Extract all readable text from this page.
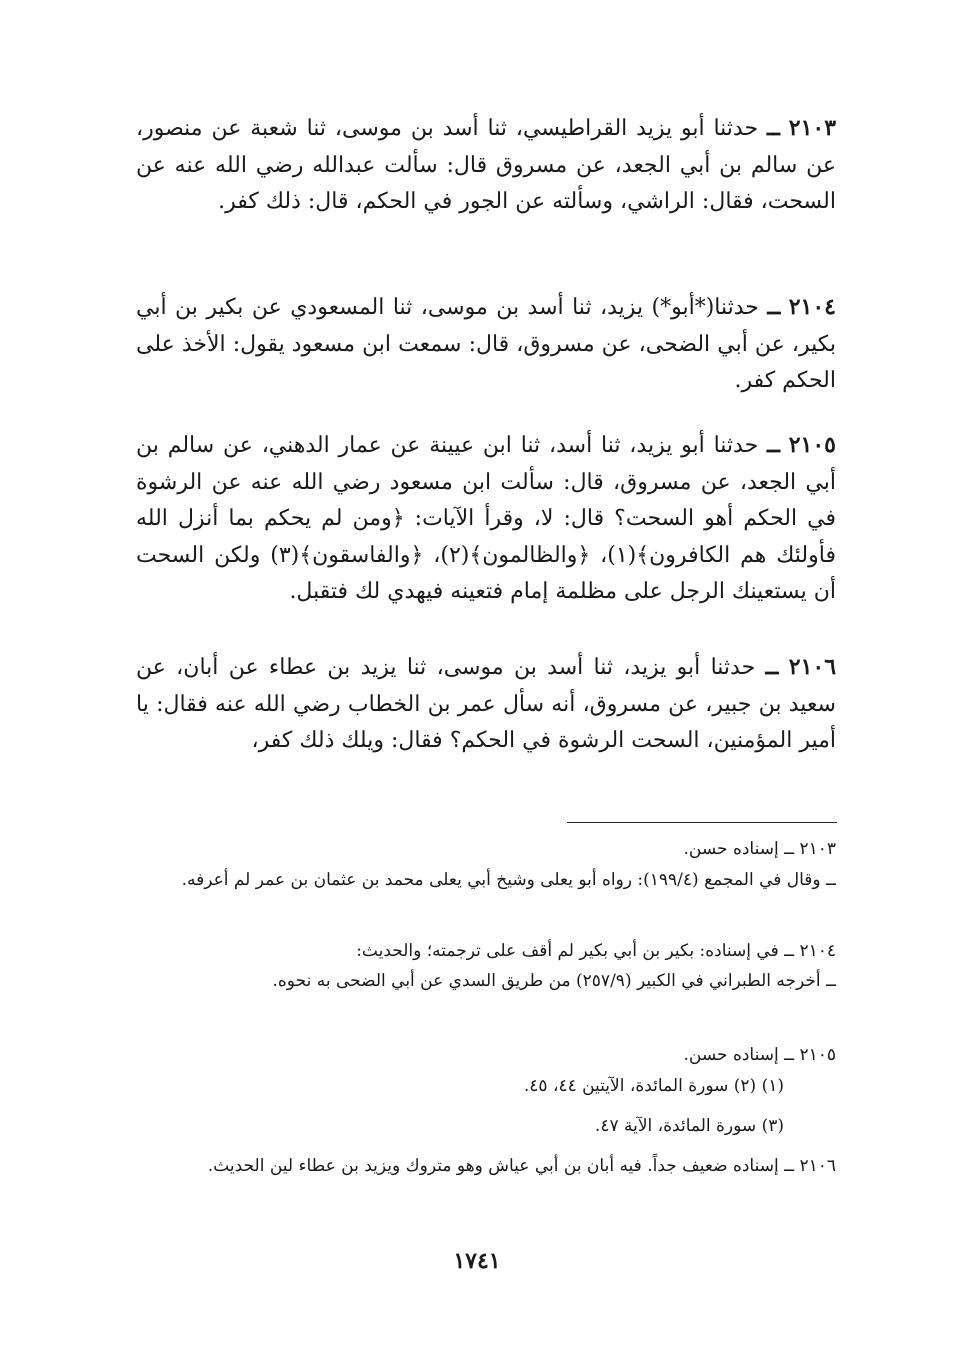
٢١٠٣ ــ حدثنا أبو يزيد القراطيسي، ثنا أسد بن موسى، ثنا شعبة عن منصور، عن سالم بن أبي الجعد، عن مسروق قال: سألت عبدالله رضي الله عنه عن السحت، فقال: الراشي، وسألته عن الجور في الحكم، قال: ذلك كفر.
٢١٠٤ ــ حدثنا(*أبو*) يزيد، ثنا أسد بن موسى، ثنا المسعودي عن بكير بن أبي بكير، عن أبي الضحى، عن مسروق، قال: سمعت ابن مسعود يقول: الأخذ على الحكم كفر.
٢١٠٥ ــ حدثنا أبو يزيد، ثنا أسد، ثنا ابن عيينة عن عمار الدهني، عن سالم بن أبي الجعد، عن مسروق، قال: سألت ابن مسعود رضي الله عنه عن الرشوة في الحكم أهو السحت؟ قال: لا، وقرأ الآيات: ﴿ومن لم يحكم بما أنزل الله فأولئك هم الكافرون﴾(١)، ﴿والظالمون﴾(٢)، ﴿والفاسقون﴾(٣) ولكن السحت أن يستعينك الرجل على مظلمة إمام فتعينه فيهدي لك فتقبل.
٢١٠٦ ــ حدثنا أبو يزيد، ثنا أسد بن موسى، ثنا يزيد بن عطاء عن أبان، عن سعيد بن جبير، عن مسروق، أنه سأل عمر بن الخطاب رضي الله عنه فقال: يا أمير المؤمنين، السحت الرشوة في الحكم؟ فقال: ويلك ذلك كفر،
٢١٠٣ ــ إسناده حسن.
ــ وقال في المجمع (١٩٩/٤): رواه أبو يعلى وشيخ أبي يعلى محمد بن عثمان بن عمر لم أعرفه.
٢١٠٤ ــ في إسناده: بكير بن أبي بكير لم أقف على ترجمته؛ والحديث:
ــ أخرجه الطبراني في الكبير (٢٥٧/٩) من طريق السدي عن أبي الضحى به نحوه.
٢١٠٥ ــ إسناده حسن.
(١) (٢) سورة المائدة، الآيتين ٤٤، ٤٥.
(٣) سورة المائدة، الآية ٤٧.
٢١٠٦ ــ إسناده ضعيف جداً. فيه أبان بن أبي عياش وهو متروك ويزيد بن عطاء لين الحديث.
١٧٤١
